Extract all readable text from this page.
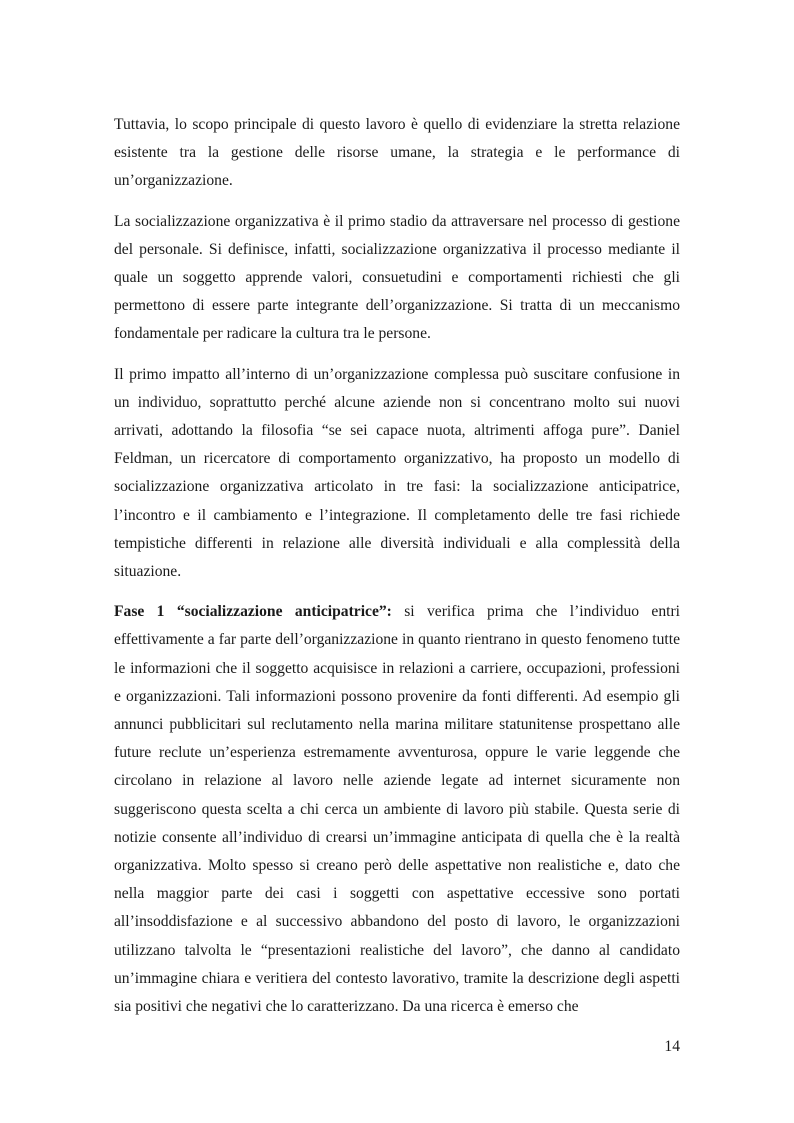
Tuttavia, lo scopo principale di questo lavoro è quello di evidenziare la stretta relazione esistente tra la gestione delle risorse umane, la strategia e le performance di un’organizzazione.

La socializzazione organizzativa è il primo stadio da attraversare nel processo di gestione del personale. Si definisce, infatti, socializzazione organizzativa il processo mediante il quale un soggetto apprende valori, consuetudini e comportamenti richiesti che gli permettono di essere parte integrante dell’organizzazione. Si tratta di un meccanismo fondamentale per radicare la cultura tra le persone.

Il primo impatto all’interno di un’organizzazione complessa può suscitare confusione in un individuo, soprattutto perché alcune aziende non si concentrano molto sui nuovi arrivati, adottando la filosofia “se sei capace nuota, altrimenti affoga pure”. Daniel Feldman, un ricercatore di comportamento organizzativo, ha proposto un modello di socializzazione organizzativa articolato in tre fasi: la socializzazione anticipatrice, l’incontro e il cambiamento e l’integrazione. Il completamento delle tre fasi richiede tempistiche differenti in relazione alle diversità individuali e alla complessità della situazione.

Fase 1 “socializzazione anticipatrice”: si verifica prima che l’individuo entri effettivamente a far parte dell’organizzazione in quanto rientrano in questo fenomeno tutte le informazioni che il soggetto acquisisce in relazioni a carriere, occupazioni, professioni e organizzazioni. Tali informazioni possono provenire da fonti differenti. Ad esempio gli annunci pubblicitari sul reclutamento nella marina militare statunitense prospettano alle future reclute un’esperienza estremamente avventurosa, oppure le varie leggende che circolano in relazione al lavoro nelle aziende legate ad internet sicuramente non suggeriscono questa scelta a chi cerca un ambiente di lavoro più stabile. Questa serie di notizie consente all’individuo di crearsi un’immagine anticipata di quella che è la realtà organizzativa. Molto spesso si creano però delle aspettative non realistiche e, dato che nella maggior parte dei casi i soggetti con aspettative eccessive sono portati all’insoddisfazione e al successivo abbandono del posto di lavoro, le organizzazioni utilizzano talvolta le “presentazioni realistiche del lavoro”, che danno al candidato un’immagine chiara e veritiera del contesto lavorativo, tramite la descrizione degli aspetti sia positivi che negativi che lo caratterizzano. Da una ricerca è emerso che

14
